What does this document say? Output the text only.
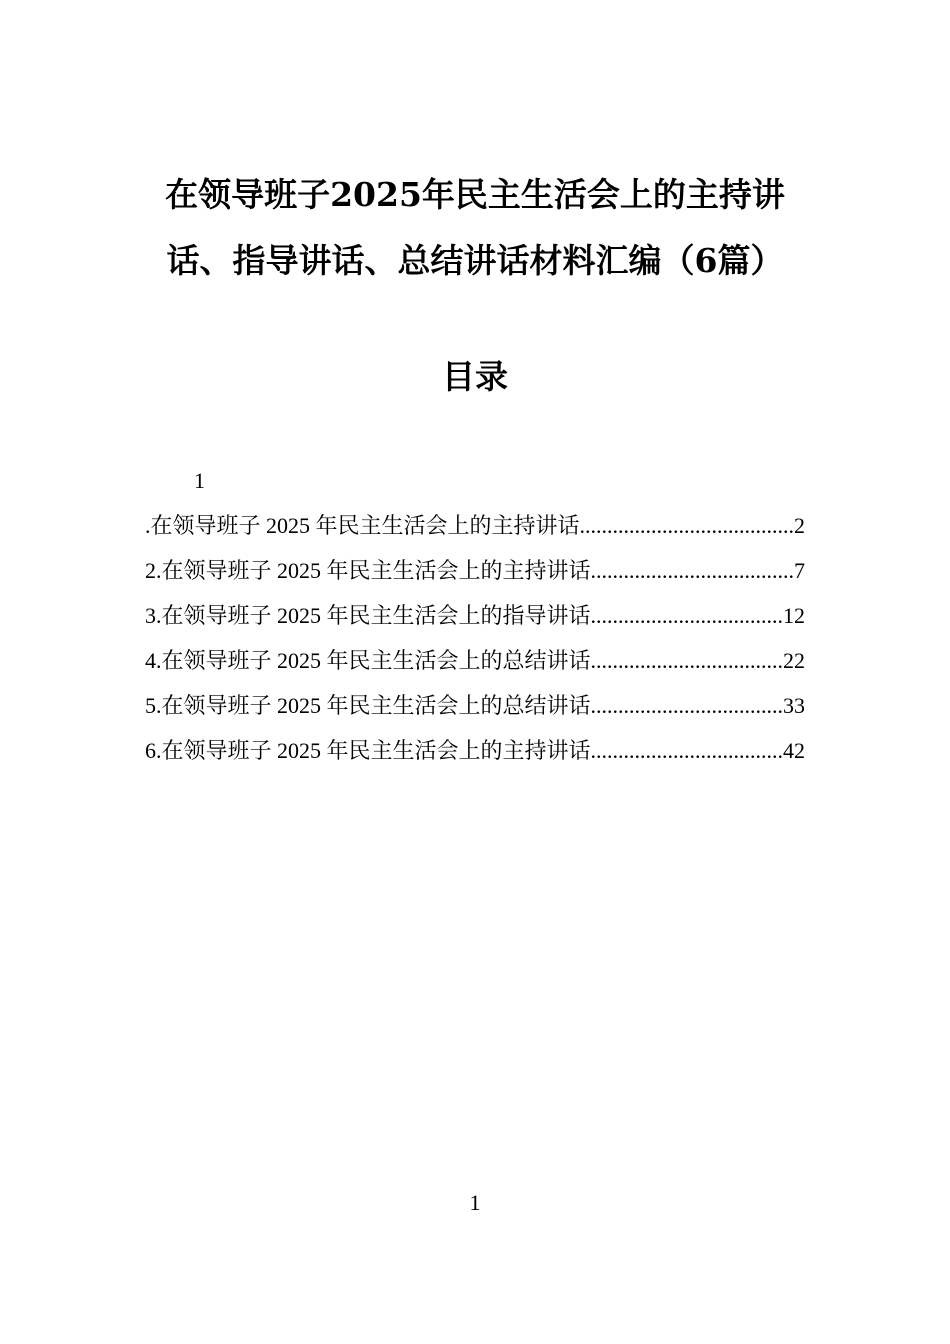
在领导班子2025年民主生活会上的主持讲
话、指导讲话、总结讲话材料汇编（6篇）
目录
1
.在领导班子 2025 年民主生活会上的主持讲话 .....	2
2.在领导班子 2025 年民主生活会上的主持讲话 .....	7
3.在领导班子 2025 年民主生活会上的指导讲话 .....	12
4.在领导班子 2025 年民主生活会上的总结讲话 .....	22
5.在领导班子 2025 年民主生活会上的总结讲话 .....	33
6.在领导班子 2025 年民主生活会上的主持讲话 .....	42
1
